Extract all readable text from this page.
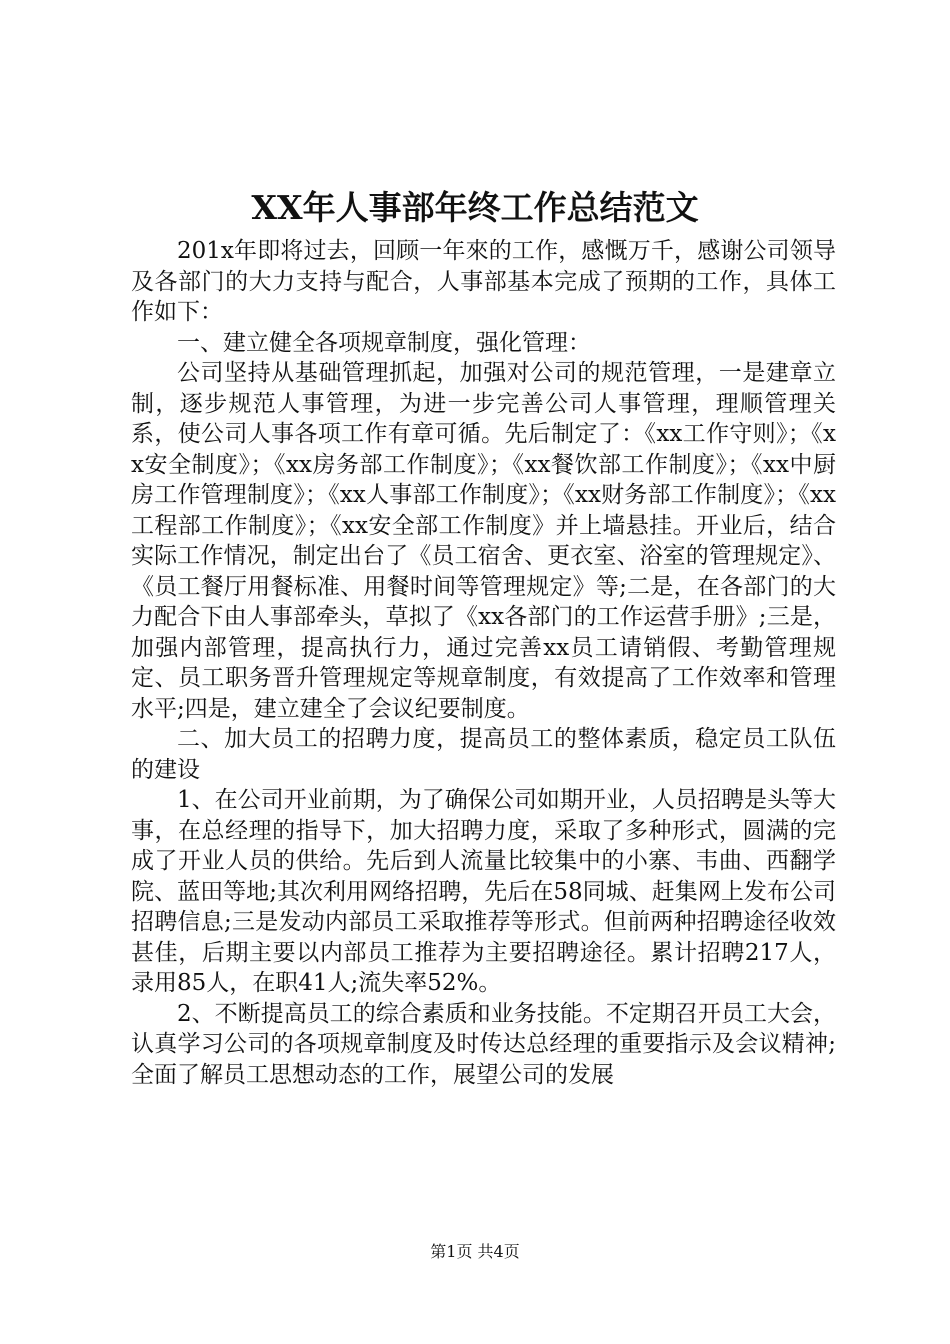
XX年人事部年终工作总结范文

201x年即将过去，回顾一年來的工作，感慨万千，感谢公司领导及各部门的大力支持与配合，人事部基本完成了预期的工作，具体工作如下：

一、建立健全各项规章制度，强化管理：

公司坚持从基础管理抓起，加强对公司的规范管理，一是建章立制，逐步规范人事管理，为进一步完善公司人事管理，理顺管理关系，使公司人事各项工作有章可循。先后制定了：《xx工作守则》；《xx安全制度》；《xx房务部工作制度》；《xx餐饮部工作制度》；《xx中厨房工作管理制度》；《xx人事部工作制度》；《xx财务部工作制度》；《xx工程部工作制度》；《xx安全部工作制度》并上墙悬挂。开业后，结合实际工作情况，制定出台了《员工宿舍、更衣室、浴室的管理规定》、《员工餐厅用餐标准、用餐时间等管理规定》等;二是，在各部门的大力配合下由人事部牵头，草拟了《xx各部门的工作运营手册》;三是，加强内部管理，提高执行力，通过完善xx员工请销假、考勤管理规定、员工职务晋升管理规定等规章制度，有效提高了工作效率和管理水平;四是，建立建全了会议纪要制度。

二、加大员工的招聘力度，提高员工的整体素质，稳定员工队伍的建设

1、在公司开业前期，为了确保公司如期开业，人员招聘是头等大事，在总经理的指导下，加大招聘力度，采取了多种形式，圆满的完成了开业人员的供给。先后到人流量比较集中的小寨、韦曲、西翻学院、蓝田等地;其次利用网络招聘，先后在58同城、赶集网上发布公司招聘信息;三是发动内部员工采取推荐等形式。但前两种招聘途径收效甚佳，后期主要以内部员工推荐为主要招聘途径。累计招聘217人，录用85人，在职41人;流失率52%。

2、不断提高员工的综合素质和业务技能。不定期召开员工大会，认真学习公司的各项规章制度及时传达总经理的重要指示及会议精神;全面了解员工思想动态的工作，展望公司的发展

第1页 共4页
